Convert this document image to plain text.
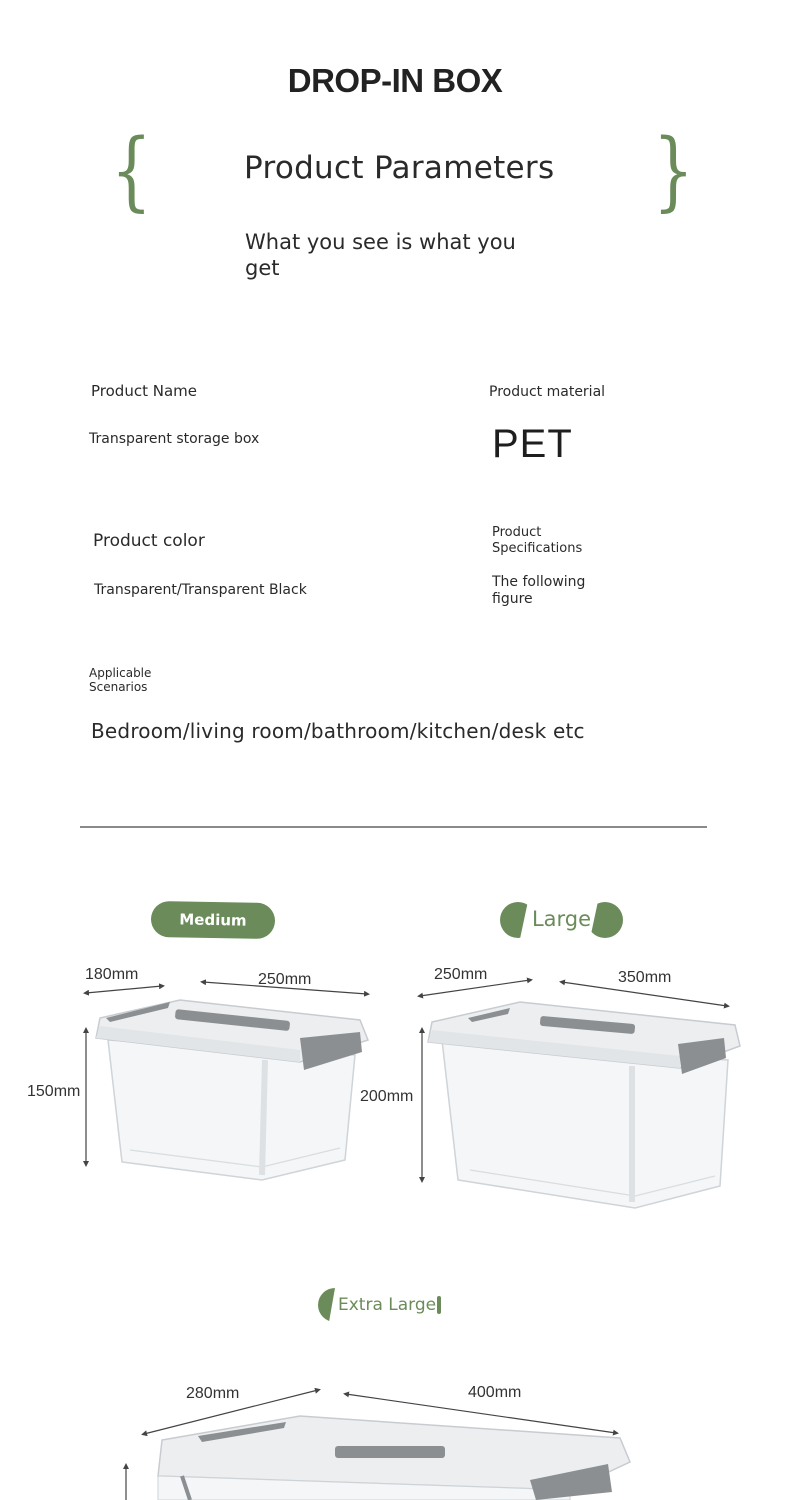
DROP-IN BOX
{	}
Product Parameters
What you see is what you get
Product Name
Transparent storage box
Product material
PET
Product color
Transparent/Transparent Black
Product Specifications
The following figure
Applicable Scenarios
Bedroom/living room/bathroom/kitchen/desk etc
Medium	Large
Extra Large
180mm	250mm
150mm
250mm	350mm
200mm
280mm	400mm
